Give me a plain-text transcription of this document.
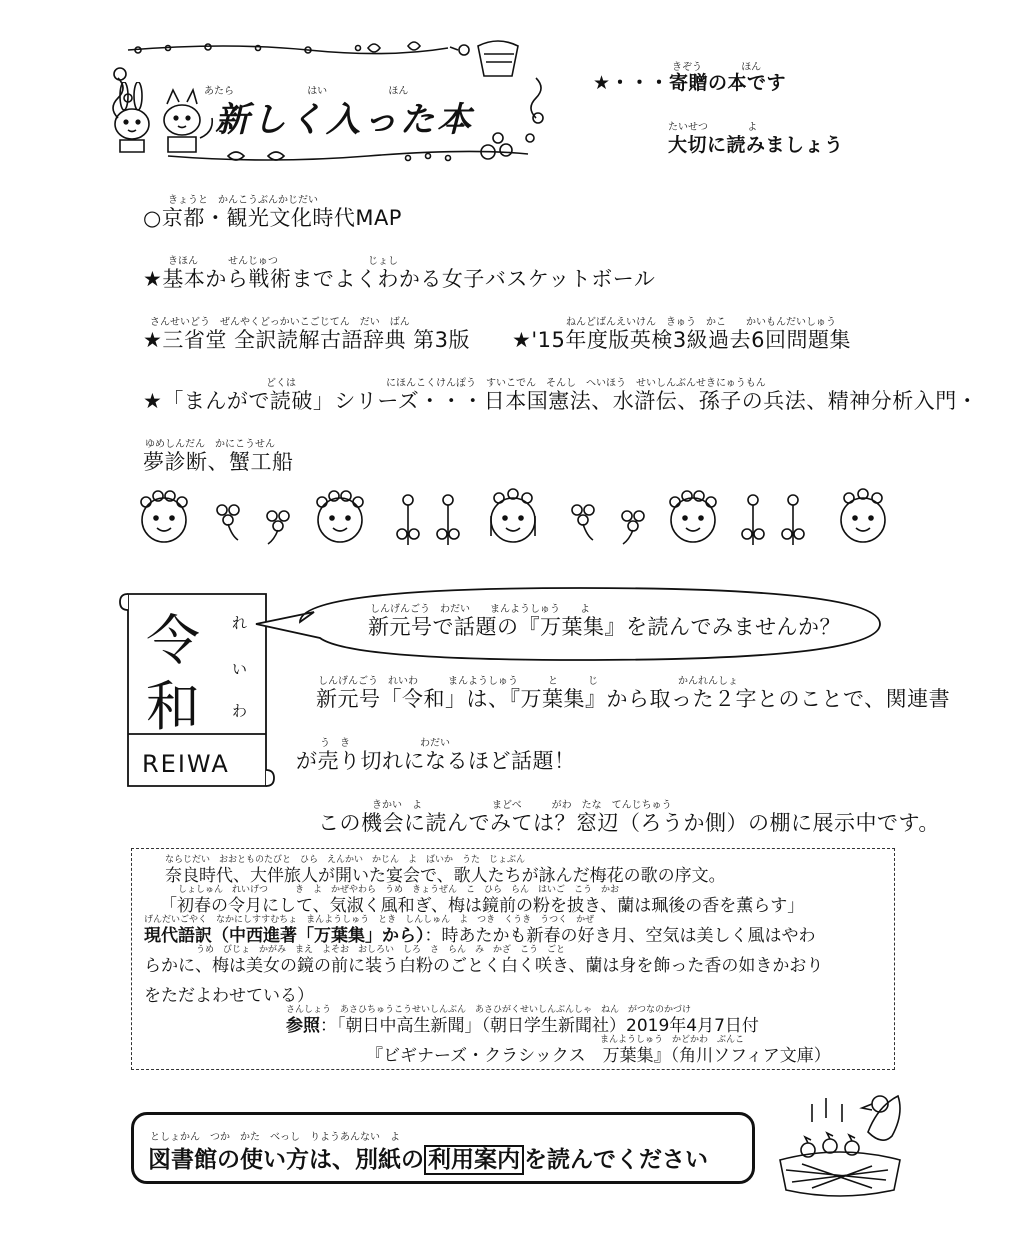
あたら	はい	ほん
新しく入った本
きぞう	ほん
★・・・寄贈の本です
たいせつ	よ
大切に読みましょう
きょうと　かんこうぶんかじだい
○京都・観光文化時代MAP
きほん　　　せんじゅつ　　　　　　　　　じょし
★基本から戦術までよくわかる女子バスケットボール
さんせいどう　ぜんやくどっかいこごじてん　だい　ばん
★三省堂 全訳読解古語辞典 第3版
ねんどばんえいけん　きゅう　かこ　　かいもんだいしゅう
★'15年度版英検3級過去6回問題集
どくは　　　　　　　　　にほんこくけんぽう　すいこでん　そんし　へいほう　せいしんぶんせきにゅうもん
★「まんがで読破」シリーズ・・・日本国憲法、水滸伝、孫子の兵法、精神分析入門・
ゆめしんだん　かにこうせん
夢診断、蟹工船
令
和
れ
い
わ
REIWA
しんげんごう　わだい　　まんようしゅう　　よ
新元号で話題の『万葉集』を読んでみませんか？
しんげんごう　れいわ　　　まんようしゅう　　　と　　　じ　　　　　　　　かんれんしょ
新元号「令和」は、『万葉集』から取った２字とのことで、関連書
う　き　　　　　　　わだい
が売り切れになるほど話題！
きかい　よ　　　　　　　まどべ　　　がわ　たな　てんじちゅう
この機会に読んでみては？窓辺（ろうか側）の棚に展示中です。
ならじだい　おおとものたびと　ひら　えんかい　かじん　よ　ばいか　うた　じょぶん
奈良時代、大伴旅人が開いた宴会で、歌人たちが詠んだ梅花の歌の序文。
しょしゅん　れいげつ　　　き　よ　かぜやわら　うめ　きょうぜん　こ　ひら　らん　はいご　こう　かお
「初春の令月にして、気淑く風和ぎ、梅は鏡前の粉を披き、蘭は珮後の香を薫らす」
げんだいごやく　なかにしすすむちょ　まんようしゅう　とき　しんしゅん　よ　つき　くうき　うつく　かぜ
現代語訳（中西進著「万葉集」から）：時あたかも新春の好き月、空気は美しく風はやわ
うめ　びじょ　かがみ　まえ　よそお　おしろい　しろ　さ　らん　み　かざ　こう　ごと
らかに、梅は美女の鏡の前に装う白粉のごとく白く咲き、蘭は身を飾った香の如きかおり
をただよわせている）
さんしょう　あさひちゅうこうせいしんぶん　あさひがくせいしんぶんしゃ　ねん　がつなのかづけ
参照：「朝日中高生新聞」（朝日学生新聞社）2019年4月7日付
まんようしゅう　かどかわ　ぶんこ
『ビギナーズ・クラシックス　万葉集』（角川ソフィア文庫）
としょかん　つか　かた　べっし　りようあんない　よ
図書館の使い方は、別紙の 利用案内 を読んでください
